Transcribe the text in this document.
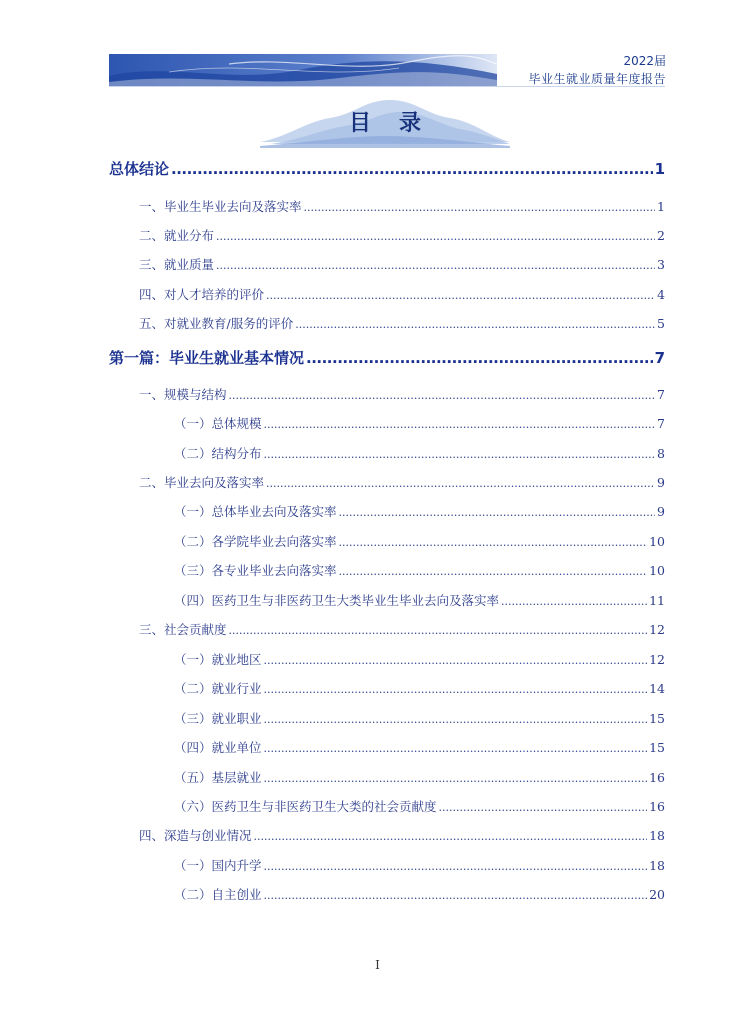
2022届
毕业生就业质量年度报告
目录
总体结论 .....	1
一、毕业生毕业去向及落实率 .....	1
二、就业分布 .....	2
三、就业质量 .....	3
四、对人才培养的评价 .....	4
五、对就业教育/服务的评价 .....	5
第一篇：毕业生就业基本情况 .....	7
一、规模与结构 .....	7
（一）总体规模 .....	7
（二）结构分布 .....	8
二、毕业去向及落实率 .....	9
（一）总体毕业去向及落实率 .....	9
（二）各学院毕业去向落实率 .....	10
（三）各专业毕业去向落实率 .....	10
（四）医药卫生与非医药卫生大类毕业生毕业去向及落实率 .....	11
三、社会贡献度 .....	12
（一）就业地区 .....	12
（二）就业行业 .....	14
（三）就业职业 .....	15
（四）就业单位 .....	15
（五）基层就业 .....	16
（六）医药卫生与非医药卫生大类的社会贡献度 .....	16
四、深造与创业情况 .....	18
（一）国内升学 .....	18
（二）自主创业 .....	20
I
